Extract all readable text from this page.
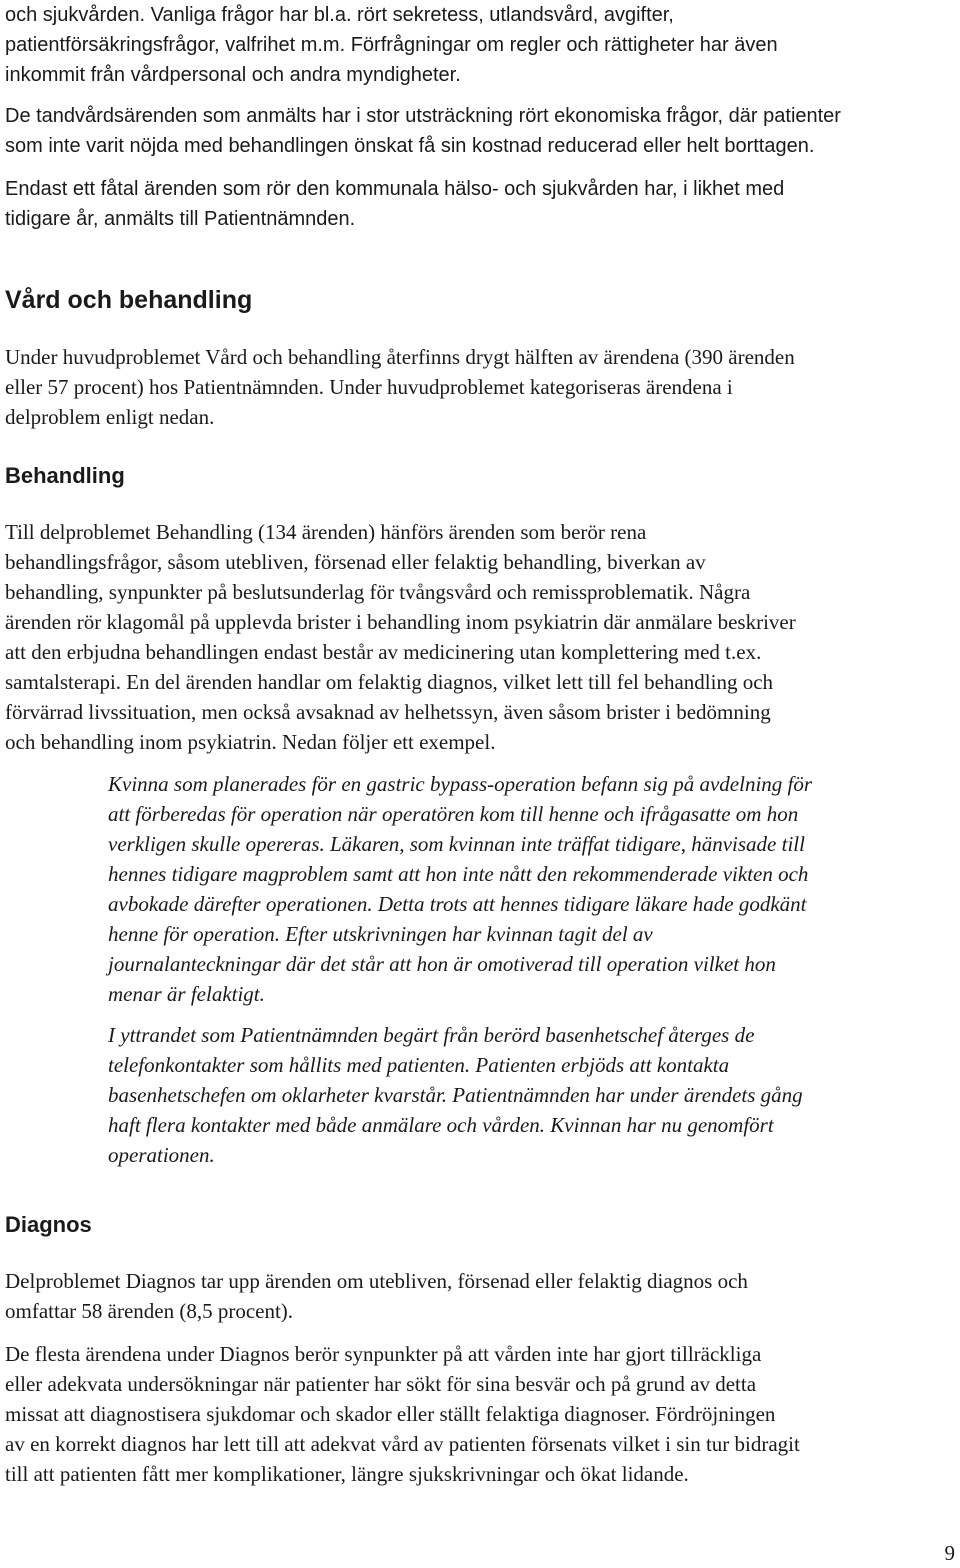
och sjukvården. Vanliga frågor har bl.a. rört sekretess, utlandsvård, avgifter,
patientförsäkringsfrågor, valfrihet m.m. Förfrågningar om regler och rättigheter har även
inkommit från vårdpersonal och andra myndigheter.
De tandvårdsärenden som anmälts har i stor utsträckning rört ekonomiska frågor, där patienter
som inte varit nöjda med behandlingen önskat få sin kostnad reducerad eller helt borttagen.
Endast ett fåtal ärenden som rör den kommunala hälso- och sjukvården har, i likhet med
tidigare år, anmälts till Patientnämnden.
Vård och behandling
Under huvudproblemet Vård och behandling återfinns drygt hälften av ärendena (390 ärenden
eller 57 procent) hos Patientnämnden. Under huvudproblemet kategoriseras ärendena i
delproblem enligt nedan.
Behandling
Till delproblemet Behandling (134 ärenden) hänförs ärenden som berör rena
behandlingsfrågor, såsom utebliven, försenad eller felaktig behandling, biverkan av
behandling, synpunkter på beslutsunderlag för tvångsvård och remissproblematik. Några
ärenden rör klagomål på upplevda brister i behandling inom psykiatrin där anmälare beskriver
att den erbjudna behandlingen endast består av medicinering utan komplettering med t.ex.
samtalsterapi. En del ärenden handlar om felaktig diagnos, vilket lett till fel behandling och
förvärrad livssituation, men också avsaknad av helhetssyn, även såsom brister i bedömning
och behandling inom psykiatrin. Nedan följer ett exempel.
Kvinna som planerades för en gastric bypass-operation befann sig på avdelning för
att förberedas för operation när operatören kom till henne och ifrågasatte om hon
verkligen skulle opereras. Läkaren, som kvinnan inte träffat tidigare, hänvisade till
hennes tidigare magproblem samt att hon inte nått den rekommenderade vikten och
avbokade därefter operationen. Detta trots att hennes tidigare läkare hade godkänt
henne för operation. Efter utskrivningen har kvinnan tagit del av
journalanteckningar där det står att hon är omotiverad till operation vilket hon
menar är felaktigt.
I yttrandet som Patientnämnden begärt från berörd basenhetschef återges de
telefonkontakter som hållits med patienten. Patienten erbjöds att kontakta
basenhetschefen om oklarheter kvarstår. Patientnämnden har under ärendets gång
haft flera kontakter med både anmälare och vården. Kvinnan har nu genomfört
operationen.
Diagnos
Delproblemet Diagnos tar upp ärenden om utebliven, försenad eller felaktig diagnos och
omfattar 58 ärenden (8,5 procent).
De flesta ärendena under Diagnos berör synpunkter på att vården inte har gjort tillräckliga
eller adekvata undersökningar när patienter har sökt för sina besvär och på grund av detta
missat att diagnostisera sjukdomar och skador eller ställt felaktiga diagnoser. Fördröjningen
av en korrekt diagnos har lett till att adekvat vård av patienten försenats vilket i sin tur bidragit
till att patienten fått mer komplikationer, längre sjukskrivningar och ökat lidande.
9
